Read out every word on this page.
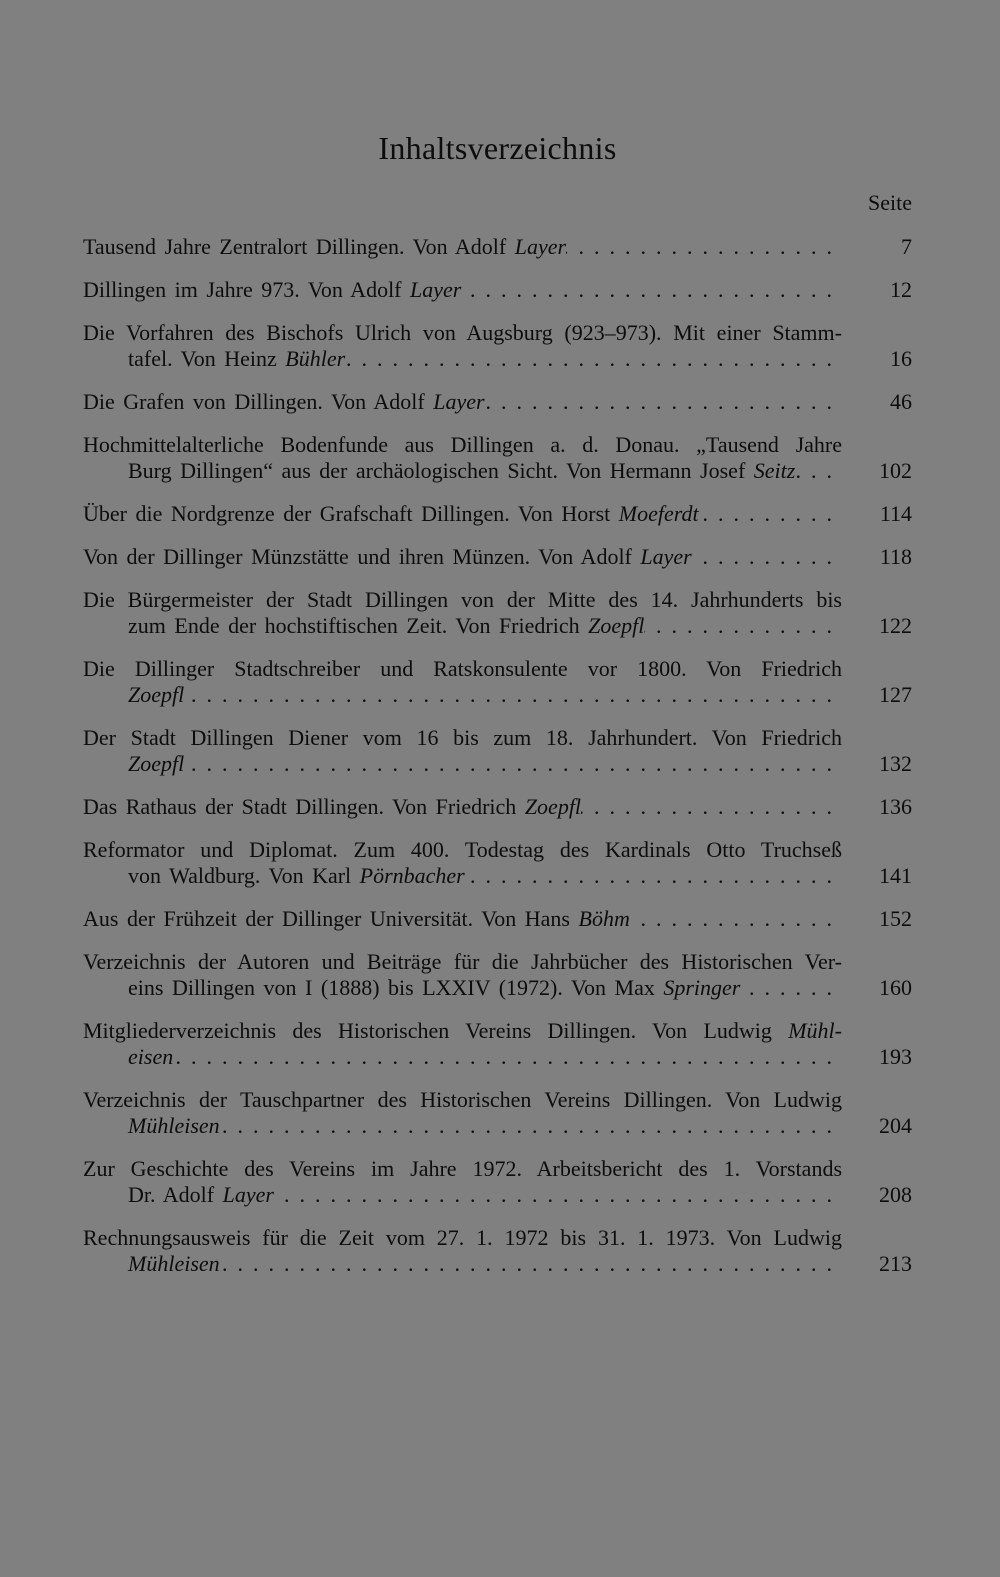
Inhaltsverzeichnis
Seite
Tausend Jahre Zentralort Dillingen. Von Adolf Layer .....	7
Dillingen im Jahre 973. Von Adolf Layer .....	12
Die Vorfahren des Bischofs Ulrich von Augsburg (923–973). Mit einer Stamm-
tafel. Von Heinz Bühler .....	16
Die Grafen von Dillingen. Von Adolf Layer .....	46
Hochmittelalterliche Bodenfunde aus Dillingen a. d. Donau. „Tausend Jahre
Burg Dillingen“ aus der archäologischen Sicht. Von Hermann Josef Seitz .....	102
Über die Nordgrenze der Grafschaft Dillingen. Von Horst Moeferdt .....	114
Von der Dillinger Münzstätte und ihren Münzen. Von Adolf Layer .....	118
Die Bürgermeister der Stadt Dillingen von der Mitte des 14. Jahrhunderts bis
zum Ende der hochstiftischen Zeit. Von Friedrich Zoepfl .....	122
Die Dillinger Stadtschreiber und Ratskonsulente vor 1800. Von Friedrich
Zoepfl .....	127
Der Stadt Dillingen Diener vom 16 bis zum 18. Jahrhundert. Von Friedrich
Zoepfl .....	132
Das Rathaus der Stadt Dillingen. Von Friedrich Zoepfl .....	136
Reformator und Diplomat. Zum 400. Todestag des Kardinals Otto Truchseß
von Waldburg. Von Karl Pörnbacher .....	141
Aus der Frühzeit der Dillinger Universität. Von Hans Böhm .....	152
Verzeichnis der Autoren und Beiträge für die Jahrbücher des Historischen Ver-
eins Dillingen von I (1888) bis LXXIV (1972). Von Max Springer .....	160
Mitgliederverzeichnis des Historischen Vereins Dillingen. Von Ludwig Mühl-
eisen .....	193
Verzeichnis der Tauschpartner des Historischen Vereins Dillingen. Von Ludwig
Mühleisen .....	204
Zur Geschichte des Vereins im Jahre 1972. Arbeitsbericht des 1. Vorstands
Dr. Adolf Layer .....	208
Rechnungsausweis für die Zeit vom 27. 1. 1972 bis 31. 1. 1973. Von Ludwig
Mühleisen .....	213
